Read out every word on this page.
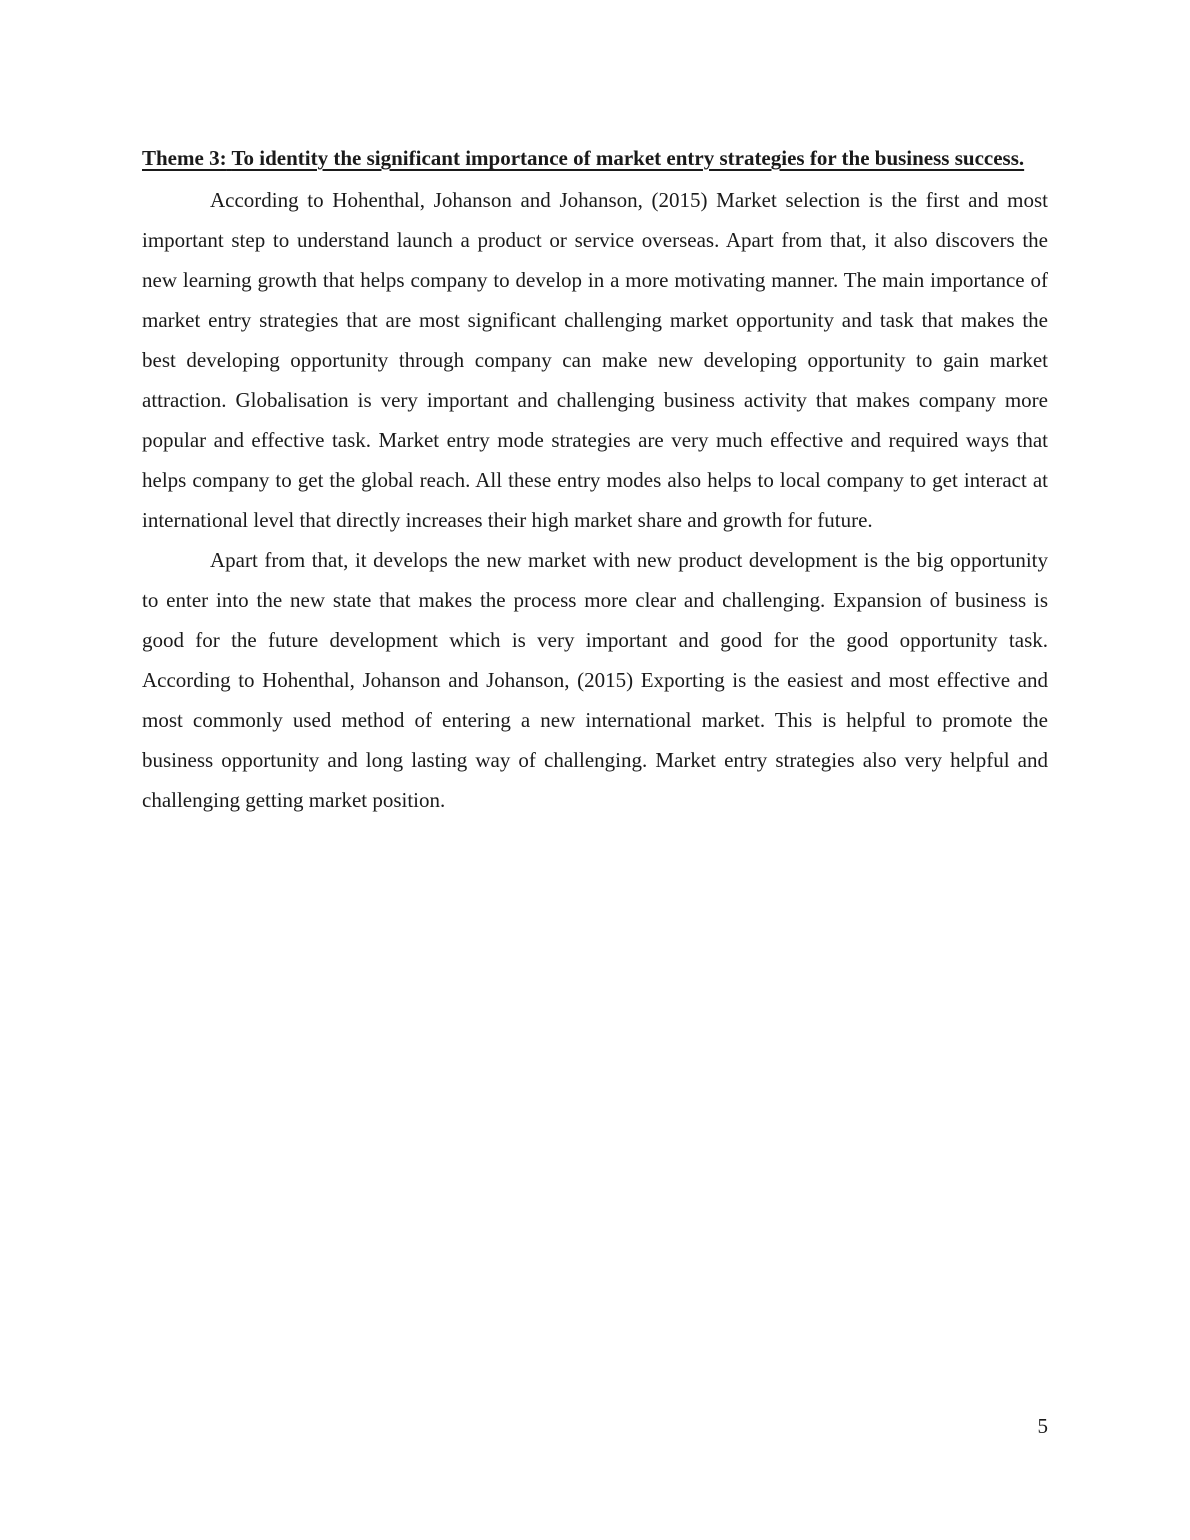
Theme 3: To identity the significant importance of market entry strategies for the business success.

According to Hohenthal, Johanson and Johanson, (2015) Market selection is the first and most important step to understand launch a product or service overseas. Apart from that, it also discovers the new learning growth that helps company to develop in a more motivating manner. The main importance of market entry strategies that are most significant challenging market opportunity and task that makes the best developing opportunity through company can make new developing opportunity to gain market attraction. Globalisation is very important and challenging business activity that makes company more popular and effective task. Market entry mode strategies are very much effective and required ways that helps company to get the global reach. All these entry modes also helps to local company to get interact at international level that directly increases their high market share and growth for future.

Apart from that, it develops the new market with new product development is the big opportunity to enter into the new state that makes the process more clear and challenging. Expansion of business is good for the future development which is very important and good for the good opportunity task. According to Hohenthal, Johanson and Johanson, (2015) Exporting is the easiest and most effective and most commonly used method of entering a new international market. This is helpful to promote the business opportunity and long lasting way of challenging. Market entry strategies also very helpful and challenging getting market position.

5
